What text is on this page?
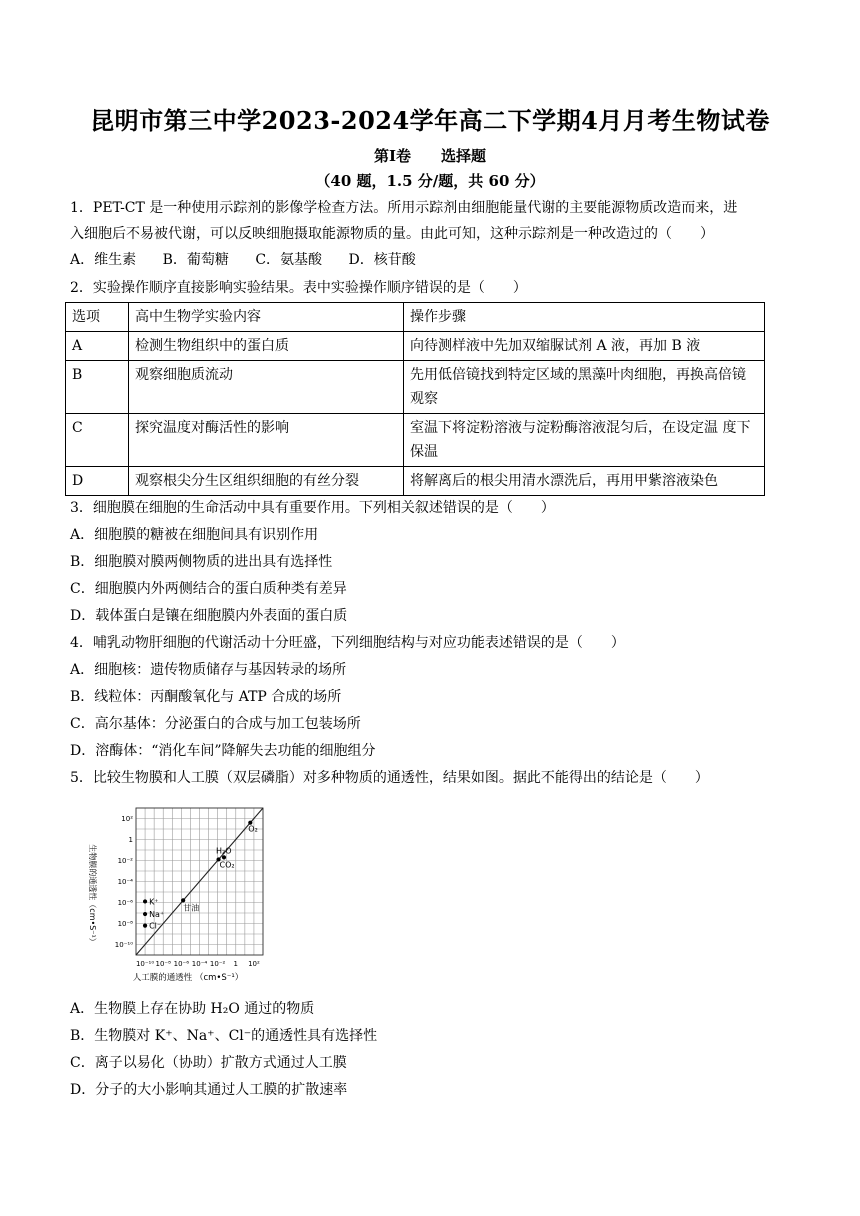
昆明市第三中学2023-2024学年高二下学期4月月考生物试卷
第Ⅰ卷 选择题
（40 题，1.5 分/题，共 60 分）
1．PET-CT 是一种使用示踪剂的影像学检查方法。所用示踪剂由细胞能量代谢的主要能源物质改造而来，进
入细胞后不易被代谢，可以反映细胞摄取能源物质的量。由此可知，这种示踪剂是一种改造过的（　　）
A．维生素 B．葡萄糖 C．氨基酸 D．核苷酸
2．实验操作顺序直接影响实验结果。表中实验操作顺序错误的是（　　）
选项	高中生物学实验内容	操作步骤
A	检测生物组织中的蛋白质	向待测样液中先加双缩脲试剂 A 液，再加 B 液
B	观察细胞质流动	先用低倍镜找到特定区域的黑藻叶肉细胞，再换高倍镜观察
C	探究温度对酶活性的影响	室温下将淀粉溶液与淀粉酶溶液混匀后，在设定温 度下保温
D	观察根尖分生区组织细胞的有丝分裂	将解离后的根尖用清水漂洗后，再用甲紫溶液染色
3．细胞膜在细胞的生命活动中具有重要作用。下列相关叙述错误的是（　　）
A．细胞膜的糖被在细胞间具有识别作用
B．细胞膜对膜两侧物质的进出具有选择性
C．细胞膜内外两侧结合的蛋白质种类有差异
D．载体蛋白是镶在细胞膜内外表面的蛋白质
4．哺乳动物肝细胞的代谢活动十分旺盛，下列细胞结构与对应功能表述错误的是（　　）
A．细胞核：遗传物质储存与基因转录的场所
B．线粒体：丙酮酸氧化与 ATP 合成的场所
C．高尔基体：分泌蛋白的合成与加工包装场所
D．溶酶体：“消化车间”降解失去功能的细胞组分
5．比较生物膜和人工膜（双层磷脂）对多种物质的通透性，结果如图。据此不能得出的结论是（　　）
生物膜的通透性（cm•S⁻¹）
人工膜的通透性 （cm•S⁻¹）
10⁻¹⁰ 10⁻⁸ 10⁻⁶ 10⁻⁴ 10⁻² 1 10²
10²
1
10⁻²
10⁻⁴
10⁻⁶
10⁻⁸
10⁻¹⁰
O₂
H₂O
CO₂
甘油
K⁺
Na⁺
Cl⁻
A．生物膜上存在协助 H₂O 通过的物质
B．生物膜对 K⁺、Na⁺、Cl⁻的通透性具有选择性
C．离子以易化（协助）扩散方式通过人工膜
D．分子的大小影响其通过人工膜的扩散速率
